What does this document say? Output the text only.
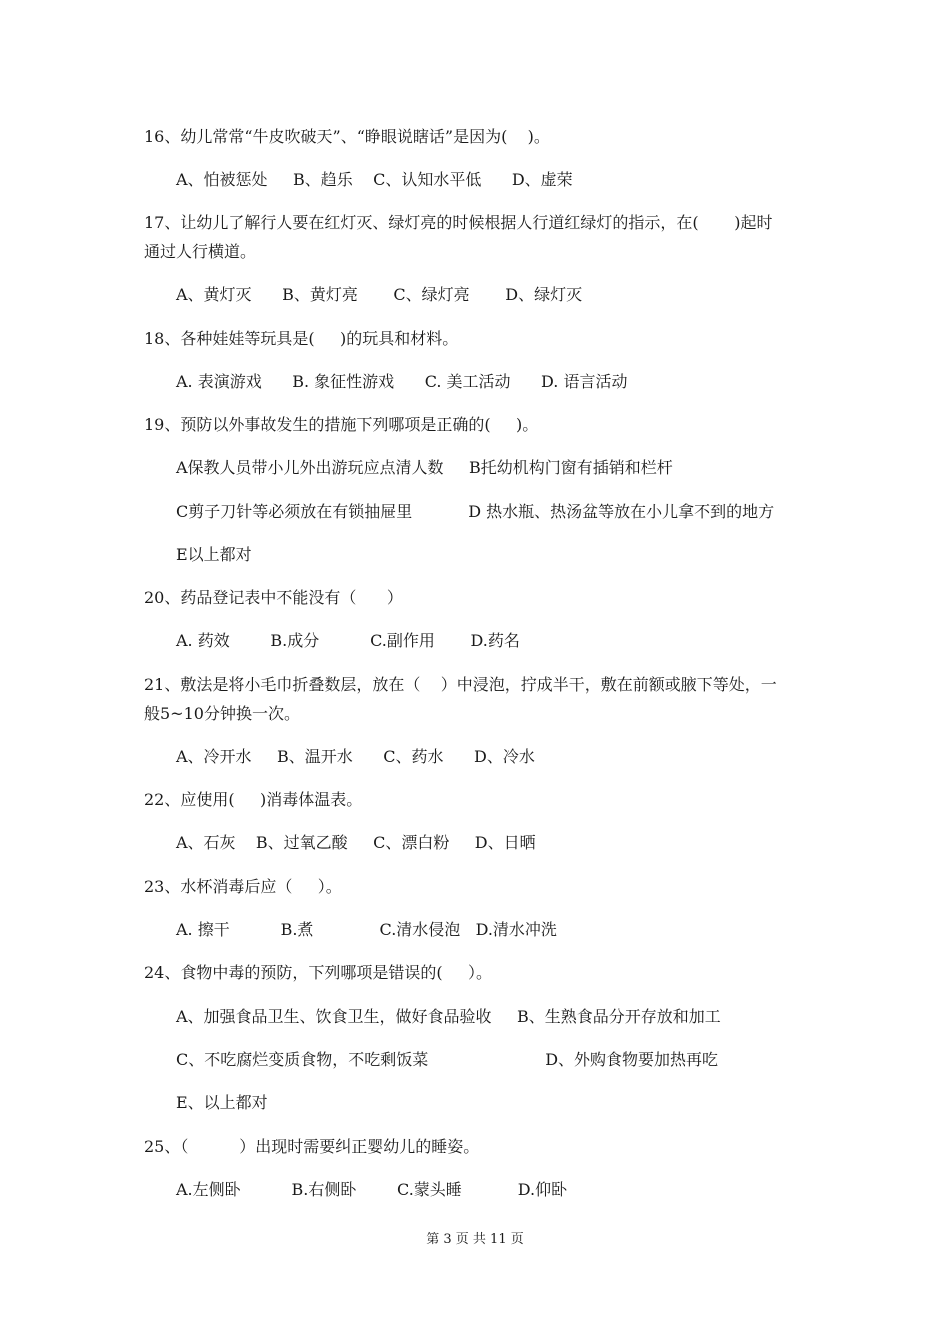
16、幼儿常常“牛皮吹破天”、“睁眼说瞎话”是因为(    )。
A、怕被惩处     B、趋乐    C、认知水平低      D、虚荣
17、让幼儿了解行人要在红灯灭、绿灯亮的时候根据人行道红绿灯的指示，在(       )起时
通过人行横道。
A、黄灯灭      B、黄灯亮       C、绿灯亮       D、绿灯灭
18、各种娃娃等玩具是(     )的玩具和材料。
A. 表演游戏      B. 象征性游戏      C. 美工活动      D. 语言活动
19、预防以外事故发生的措施下列哪项是正确的(     )。
A保教人员带小儿外出游玩应点清人数     B托幼机构门窗有插销和栏杆
C剪子刀针等必须放在有锁抽屉里           D 热水瓶、热汤盆等放在小儿拿不到的地方
E以上都对
20、药品登记表中不能没有（      ）
A. 药效        B.成分          C.副作用       D.药名
21、敷法是将小毛巾折叠数层，放在（    ）中浸泡，拧成半干，敷在前额或腋下等处，一
般5~10分钟换一次。
A、冷开水     B、温开水      C、药水      D、冷水
22、应使用(     )消毒体温表。
A、石灰    B、过氧乙酸     C、漂白粉     D、日晒
23、水杯消毒后应（     ）。
A. 擦干          B.煮             C.清水侵泡   D.清水冲洗
24、食物中毒的预防，下列哪项是错误的(     ）。
A、加强食品卫生、饮食卫生，做好食品验收     B、生熟食品分开存放和加工
C、不吃腐烂变质食物，不吃剩饭菜                       D、外购食物要加热再吃
E、以上都对
25、（          ）出现时需要纠正婴幼儿的睡姿。
A.左侧卧          B.右侧卧        C.蒙头睡           D.仰卧
第 3 页 共 11 页
